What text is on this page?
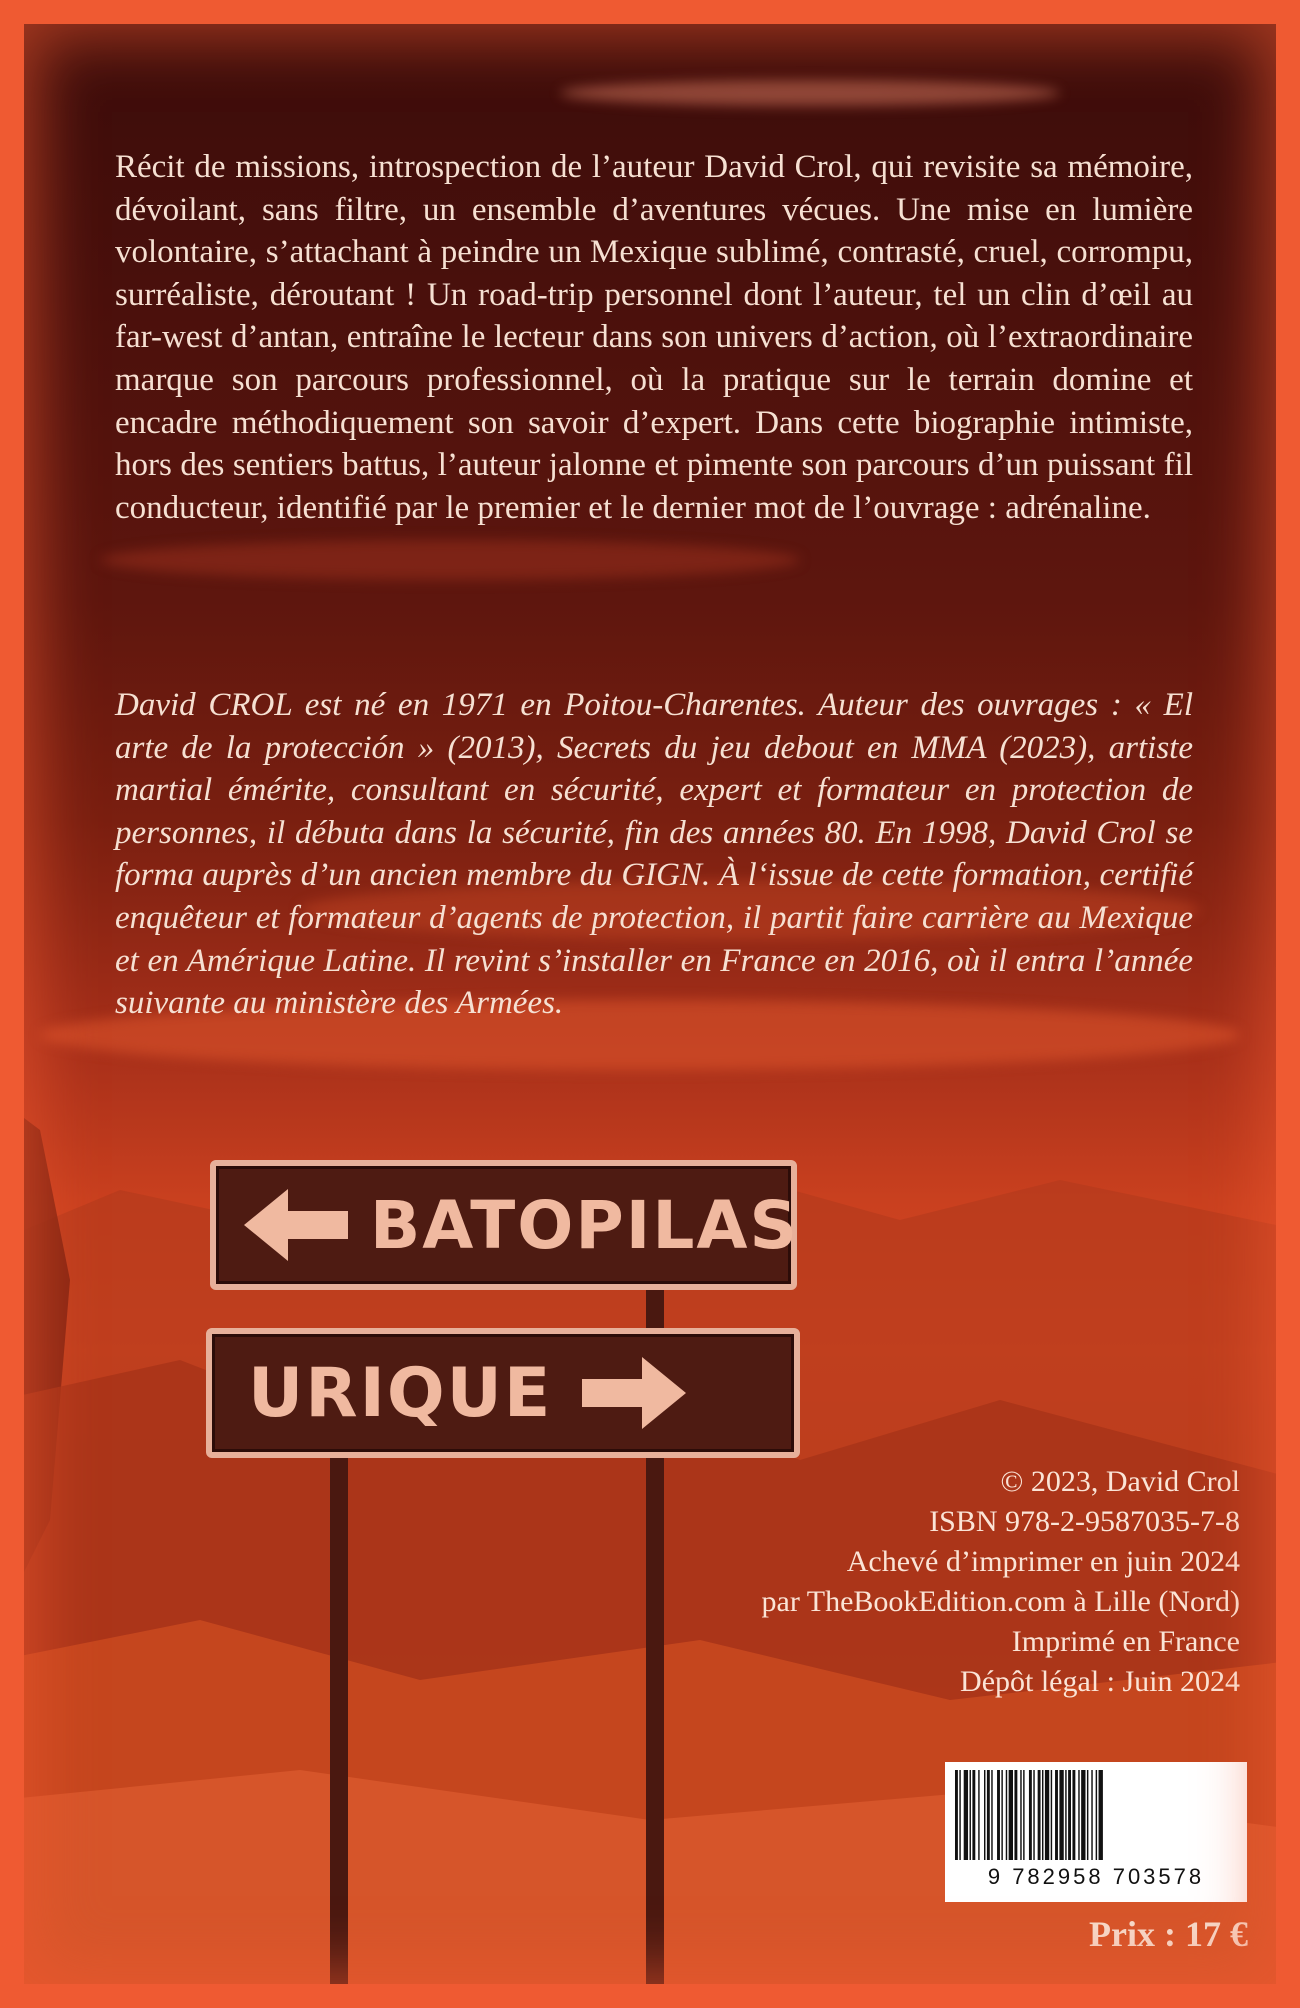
Récit de missions, introspection de l’auteur David Crol, qui revisite sa mémoire, dévoilant, sans filtre, un ensemble d’aventures vécues. Une mise en lumière volontaire, s’attachant à peindre un Mexique sublimé, contrasté, cruel, corrompu, surréaliste, déroutant ! Un road-trip personnel dont l’auteur, tel un clin d’œil au far-west d’antan, entraîne le lecteur dans son univers d’action, où l’extraordinaire marque son parcours professionnel, où la pratique sur le terrain domine et encadre méthodiquement son savoir d’expert. Dans cette biographie intimiste, hors des sentiers battus, l’auteur jalonne et pimente son parcours d’un puissant fil conducteur, identifié par le premier et le dernier mot de l’ouvrage : adrénaline.

David CROL est né en 1971 en Poitou-Charentes. Auteur des ouvrages : « El arte de la protección » (2013), Secrets du jeu debout en MMA (2023), artiste martial émérite, consultant en sécurité, expert et formateur en protection de personnes, il débuta dans la sécurité, fin des années 80. En 1998, David Crol se forma auprès d’un ancien membre du GIGN. À l‘issue de cette formation, certifié enquêteur et formateur d’agents de protection, il partit faire carrière au Mexique et en Amérique Latine. Il revint s’installer en France en 2016, où il entra l’année suivante au ministère des Armées.

BATOPILAS
URIQUE
© 2023, David Crol
ISBN 978-2-9587035-7-8
Achevé d’imprimer en juin 2024
par TheBookEdition.com à Lille (Nord)
Imprimé en France
Dépôt légal : Juin 2024
9 782958 703578
Prix : 17 €
